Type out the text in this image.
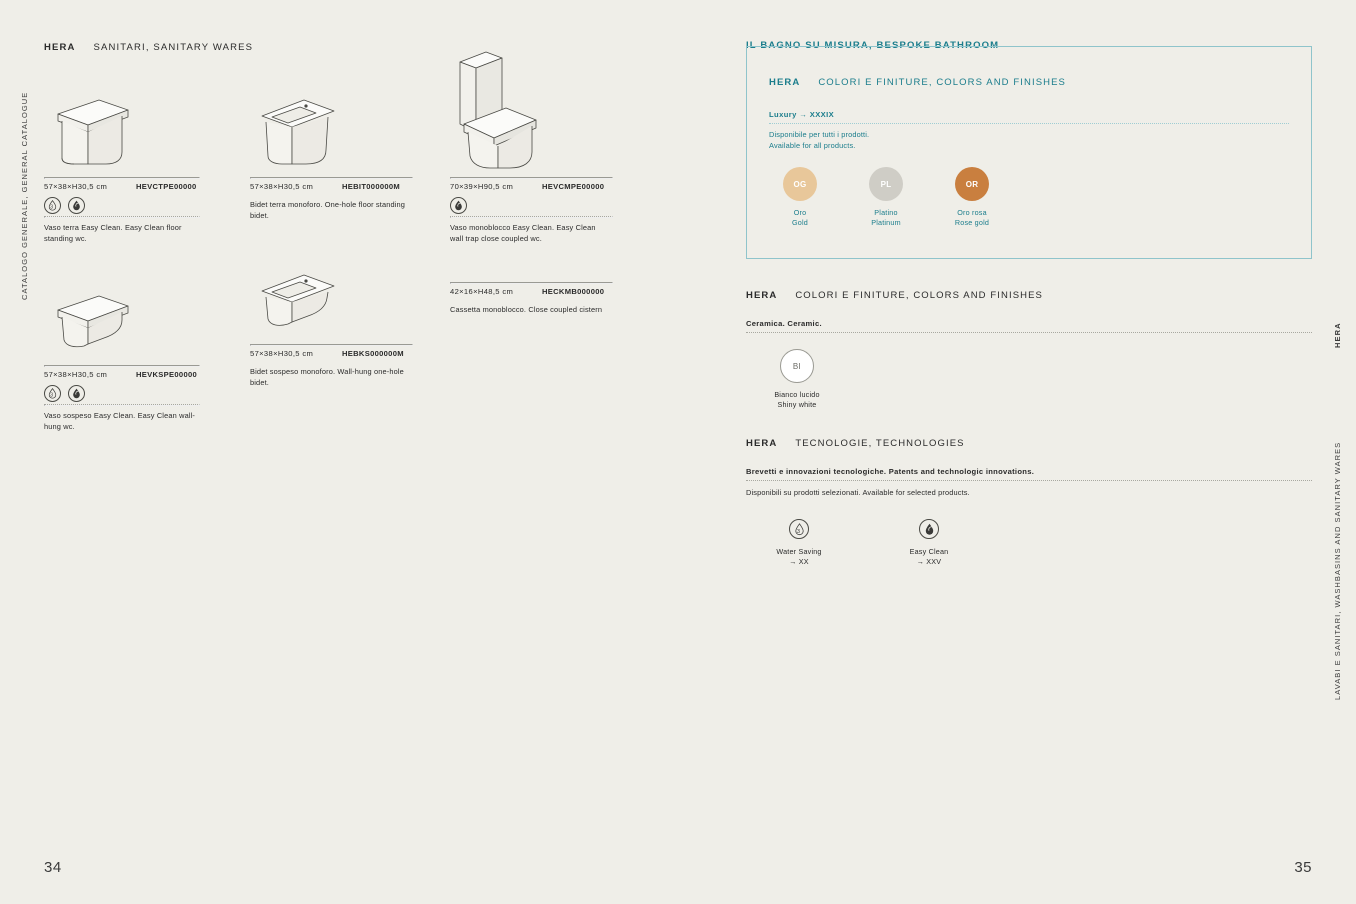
CATALOGO GENERALE, GENERAL CATALOGUE
HERA
LAVABI E SANITARI, WASHBASINS AND SANITARY WARES
34	35
HERA SANITARI, SANITARY WARES
57×38×H30,5 cm	HEVCTPE00000
3
Vaso terra Easy Clean. Easy Clean floor standing wc.
57×38×H30,5 cm	HEVKSPE00000
3
Vaso sospeso Easy Clean. Easy Clean wall-hung wc.
57×38×H30,5 cm	HEBIT000000M
Bidet terra monoforo. One-hole floor standing bidet.
57×38×H30,5 cm	HEBKS000000M
Bidet sospeso monoforo. Wall-hung one-hole bidet.
70×39×H90,5 cm	HEVCMPE00000
Vaso monoblocco Easy Clean. Easy Clean wall trap close coupled wc.
42×16×H48,5 cm	HECKMB000000
Cassetta monoblocco. Close coupled cistern
IL BAGNO SU MISURA, BESPOKE BATHROOM
HERA COLORI E FINITURE, COLORS AND FINISHES
Luxury → XXXIX
Disponibile per tutti i prodotti.
Available for all products.
OG
Oro
Gold
PL
Platino
Platinum
OR
Oro rosa
Rose gold
HERA COLORI E FINITURE, COLORS AND FINISHES
Ceramica. Ceramic.
BI
Bianco lucido
Shiny white
HERA TECNOLOGIE, TECHNOLOGIES
Brevetti e innovazioni tecnologiche. Patents and technologic innovations.
Disponibili su prodotti selezionati. Available for selected products.
3
Water Saving
→ XX
Easy Clean
→ XXV
